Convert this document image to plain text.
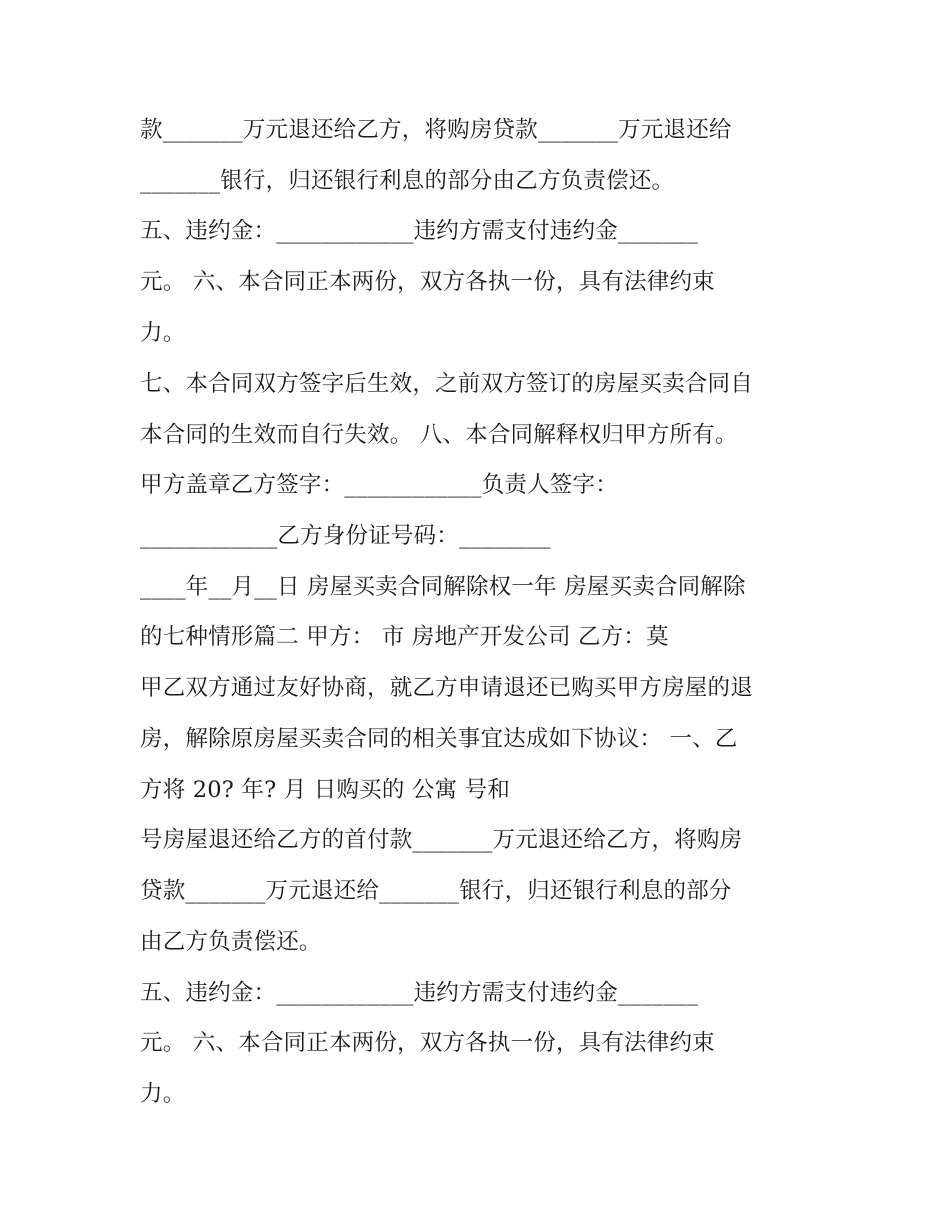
款_______万元退还给乙方，将购房贷款_______万元退还给
_______银行，归还银行利息的部分由乙方负责偿还。
五、违约金：____________违约方需支付违约金_______
元。 六、本合同正本两份，双方各执一份，具有法律约束
力。
七、本合同双方签字后生效，之前双方签订的房屋买卖合同自
本合同的生效而自行失效。 八、本合同解释权归甲方所有。
甲方盖章乙方签字：____________负责人签字：
____________乙方身份证号码：________
____年__月__日 房屋买卖合同解除权一年 房屋买卖合同解除
的七种情形篇二 甲方： 市 房地产开发公司 乙方：莫
甲乙双方通过友好协商，就乙方申请退还已购买甲方房屋的退
房，解除原房屋买卖合同的相关事宜达成如下协议： 一、乙
方将 20? 年? 月 日购买的 公寓 号和
号房屋退还给乙方的首付款_______万元退还给乙方，将购房
贷款_______万元退还给_______银行，归还银行利息的部分
由乙方负责偿还。
五、违约金：____________违约方需支付违约金_______
元。 六、本合同正本两份，双方各执一份，具有法律约束
力。
